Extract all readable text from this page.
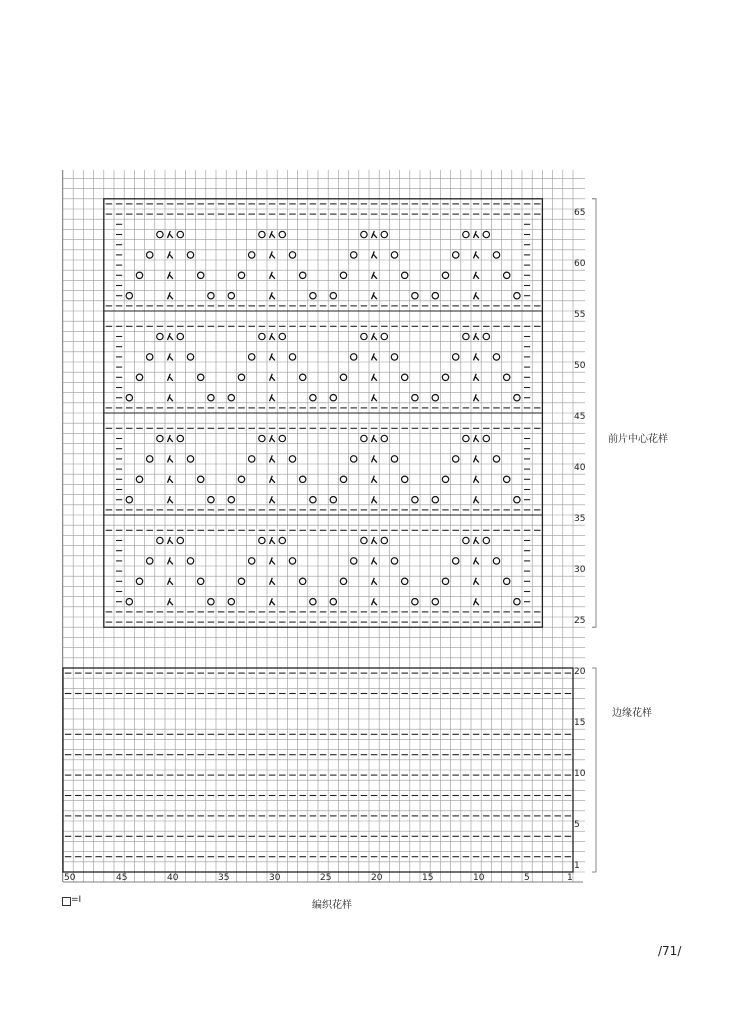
65
60
55
50
45
40
35
30
25
20
15
10
5
1
50	45	40	35	30	25	20	15	10	5	1
前片中心花样
边缘花样
=Ⅰ	编织花样
/71/
